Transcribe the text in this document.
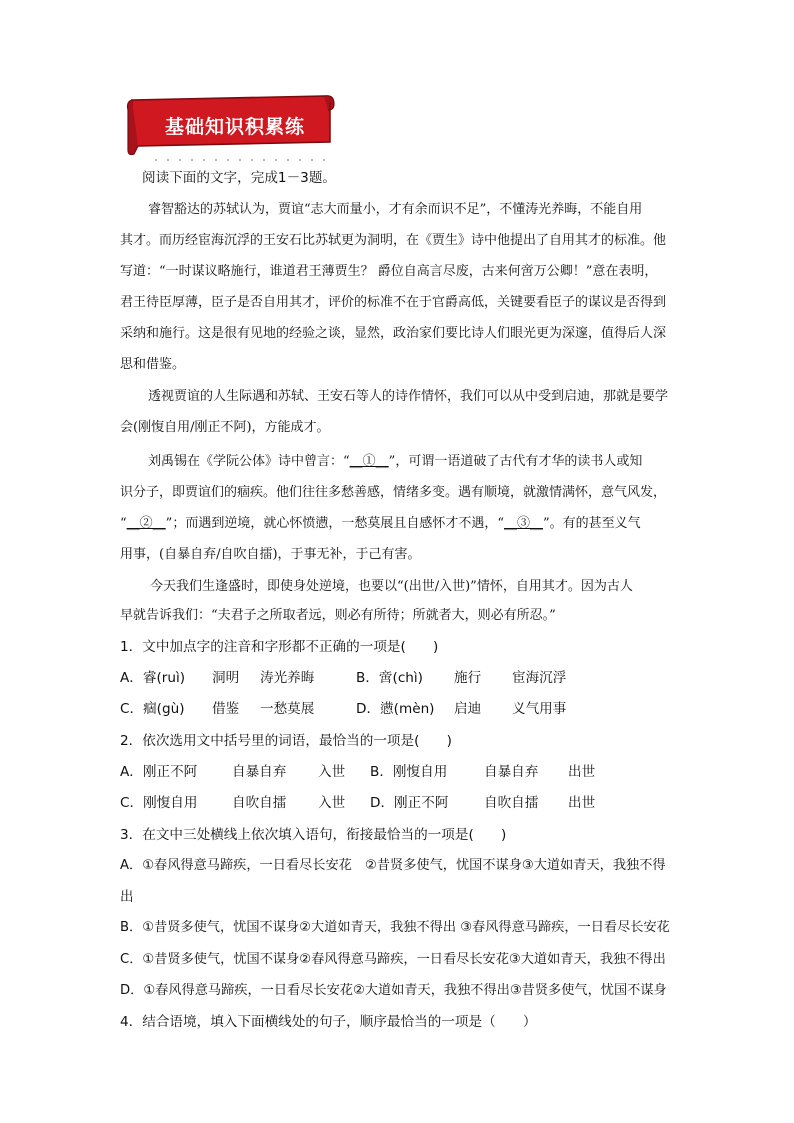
基础知识积累练
阅读下面的文字，完成1－3题。
睿智豁达的苏轼认为，贾谊“志大而量小，才有余而识不足”，不懂涛光养晦，不能自用
其才。而历经宦海沉浮的王安石比苏轼更为洞明，在《贾生》诗中他提出了自用其才的标准。他
写道：“一时谋议略施行，谁道君王薄贾生？ 爵位自高言尽废，古来何啻万公卿！”意在表明，
君王待臣厚薄，臣子是否自用其才，评价的标准不在于官爵高低，关键要看臣子的谋议是否得到
采纳和施行。这是很有见地的经验之谈，显然，政治家们要比诗人们眼光更为深邃，值得后人深
思和借鉴。
透视贾谊的人生际遇和苏轼、王安石等人的诗作情怀，我们可以从中受到启迪，那就是要学
会(刚愎自用/刚正不阿)，方能成才。
刘禹锡在《学阮公体》诗中曾言：“__①__”，可谓一语道破了古代有才华的读书人或知
识分子，即贾谊们的痼疾。他们往往多愁善感，情绪多变。遇有顺境，就激情满怀，意气风发，
“__②__”；而遇到逆境，就心怀愤懑，一愁莫展且自感怀才不遇，“__③__”。有的甚至义气
用事，(自暴自弃/自吹自擂)，于事无补，于己有害。
今天我们生逢盛时，即使身处逆境，也要以“(出世/入世)”情怀，自用其才。因为古人
早就告诉我们：“夫君子之所取者远，则必有所待；所就者大，则必有所忍。”
1．文中加点字的注音和字形都不正确的一项是(　　)
A．睿(ruì) 洞明 涛光养晦	B．啻(chì) 施行 宦海沉浮
C．痼(gù) 借鉴 一愁莫展	D．懑(mèn) 启迪 义气用事
2．依次选用文中括号里的词语，最恰当的一项是(　　)
A．刚正不阿	自暴自弃 入世 B．刚愎自用	自暴自弃 出世
C．刚愎自用	自吹自擂 入世 D．刚正不阿	自吹自擂 出世
3．在文中三处横线上依次填入语句，衔接最恰当的一项是(　　)
A．①春风得意马蹄疾，一日看尽长安花　②昔贤多使气，忧国不谋身③大道如青天，我独不得
出
B．①昔贤多使气，忧国不谋身②大道如青天，我独不得出 ③春风得意马蹄疾，一日看尽长安花
C．①昔贤多使气，忧国不谋身②春风得意马蹄疾，一日看尽长安花③大道如青天，我独不得出
D．①春风得意马蹄疾，一日看尽长安花②大道如青天，我独不得出③昔贤多使气，忧国不谋身
4．结合语境，填入下面横线处的句子，顺序最恰当的一项是（　　）
